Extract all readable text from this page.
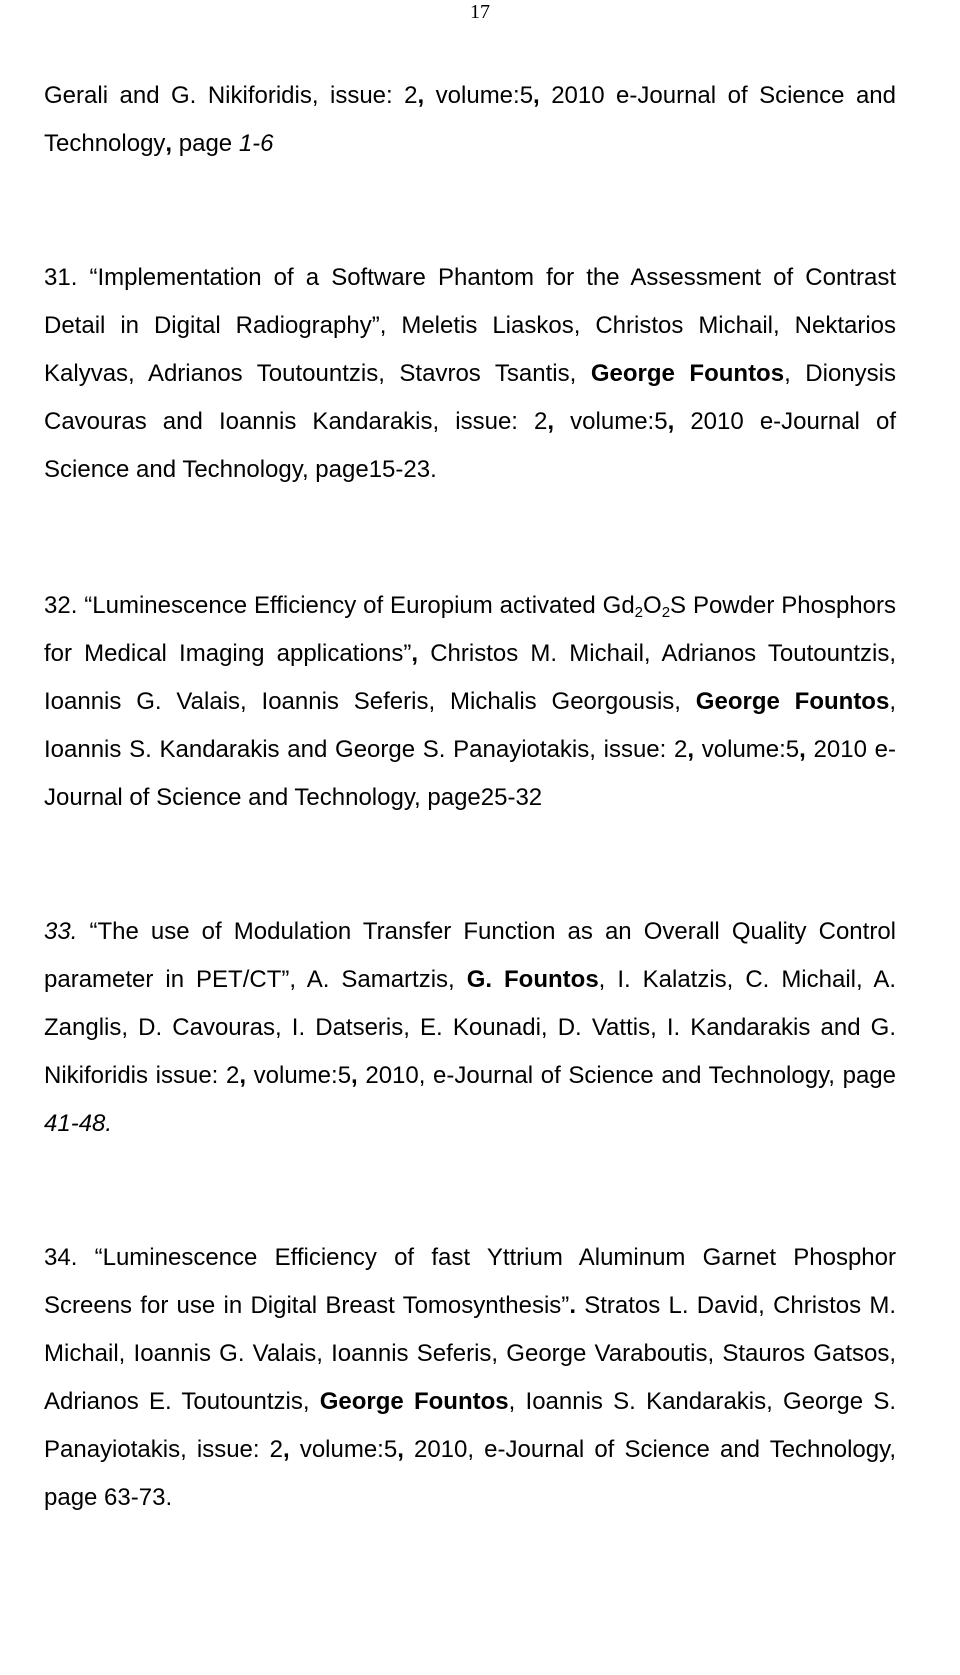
17

Gerali and G. Nikiforidis, issue: 2, volume:5, 2010 e-Journal of Science and Technology, page 1-6

31. “Implementation of a Software Phantom for the Assessment of Contrast Detail in Digital Radiography”, Meletis Liaskos, Christos Michail, Nektarios Kalyvas, Adrianos Toutountzis, Stavros Tsantis, George Fountos, Dionysis Cavouras and Ioannis Kandarakis, issue: 2, volume:5, 2010 e-Journal of Science and Technology, page15-23.

32. “Luminescence Efficiency of Europium activated $Gd_2O_2S$ Powder Phosphors for Medical Imaging applications”, Christos M. Michail, Adrianos Toutountzis, Ioannis G. Valais, Ioannis Seferis, Michalis Georgousis, George Fountos, Ioannis S. Kandarakis and George S. Panayiotakis, issue: 2, volume:5, 2010 e-Journal of Science and Technology, page25-32

33. “The use of Modulation Transfer Function as an Overall Quality Control parameter in PET/CT”, A. Samartzis, G. Fountos, I. Kalatzis, C. Michail, A. Zanglis, D. Cavouras, I. Datseris, E. Kounadi, D. Vattis, I. Kandarakis and G. Nikiforidis issue: 2, volume:5, 2010, e-Journal of Science and Technology, page 41-48.

34. “Luminescence Efficiency of fast Yttrium Aluminum Garnet Phosphor Screens for use in Digital Breast Tomosynthesis”. Stratos L. David, Christos M. Michail, Ioannis G. Valais, Ioannis Seferis, George Varaboutis, Stauros Gatsos, Adrianos E. Toutountzis, George Fountos, Ioannis S. Kandarakis, George S. Panayiotakis, issue: 2, volume:5, 2010, e-Journal of Science and Technology, page 63-73.
